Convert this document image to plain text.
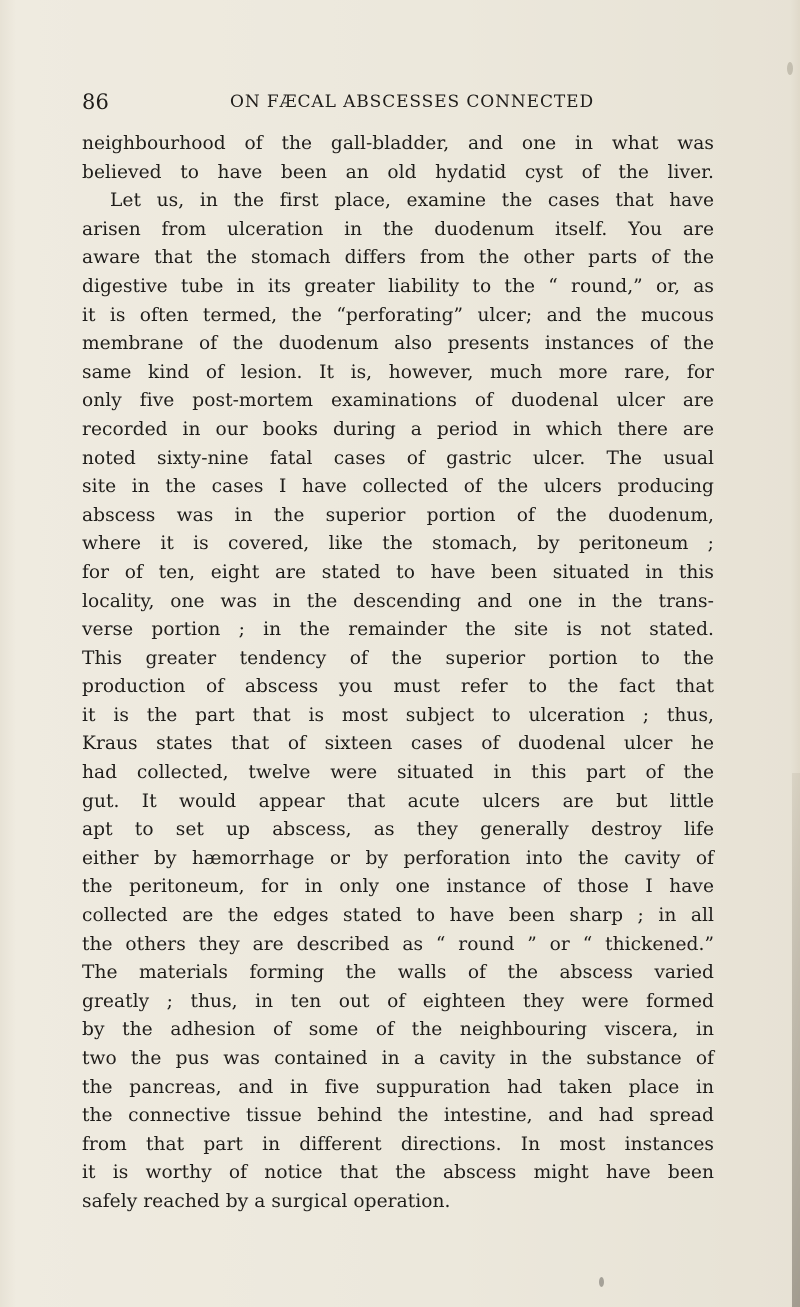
86	ON FÆCAL ABSCESSES CONNECTED
neighbourhood of the gall-bladder, and one in what was
believed to have been an old hydatid cyst of the liver.
Let us, in the first place, examine the cases that have
arisen from ulceration in the duodenum itself. You are
aware that the stomach differs from the other parts of the
digestive tube in its greater liability to the “ round,” or, as
it is often termed, the “perforating” ulcer; and the mucous
membrane of the duodenum also presents instances of the
same kind of lesion. It is, however, much more rare, for
only five post-mortem examinations of duodenal ulcer are
recorded in our books during a period in which there are
noted sixty-nine fatal cases of gastric ulcer. The usual
site in the cases I have collected of the ulcers producing
abscess was in the superior portion of the duodenum,
where it is covered, like the stomach, by peritoneum ;
for of ten, eight are stated to have been situated in this
locality, one was in the descending and one in the trans-
verse portion ; in the remainder the site is not stated.
This greater tendency of the superior portion to the
production of abscess you must refer to the fact that
it is the part that is most subject to ulceration ; thus,
Kraus states that of sixteen cases of duodenal ulcer he
had collected, twelve were situated in this part of the
gut. It would appear that acute ulcers are but little
apt to set up abscess, as they generally destroy life
either by hæmorrhage or by perforation into the cavity of
the peritoneum, for in only one instance of those I have
collected are the edges stated to have been sharp ; in all
the others they are described as “ round ” or “ thickened.”
The materials forming the walls of the abscess varied
greatly ; thus, in ten out of eighteen they were formed
by the adhesion of some of the neighbouring viscera, in
two the pus was contained in a cavity in the substance of
the pancreas, and in five suppuration had taken place in
the connective tissue behind the intestine, and had spread
from that part in different directions. In most instances
it is worthy of notice that the abscess might have been
safely reached by a surgical operation.
